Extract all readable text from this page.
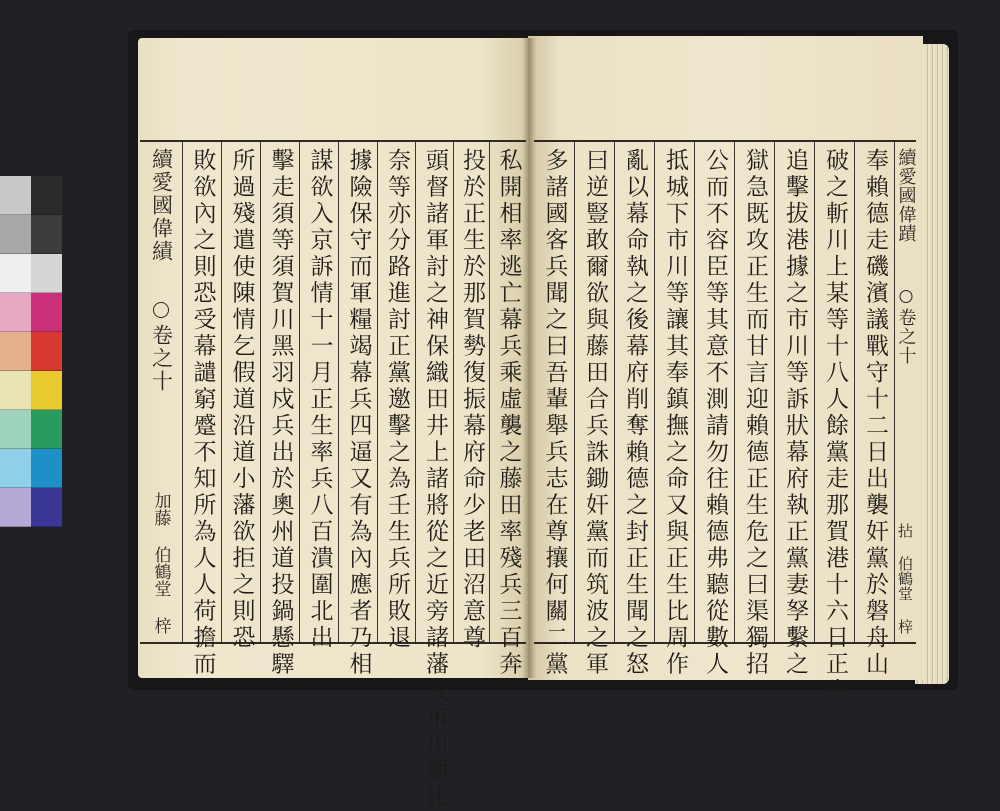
續愛國偉績
卷之十
加藤 伯鶴堂 梓 敗欲內之則恐受幕譴窮蹙不知所為人人荷擔而 所過殘遣使陳情乞假道沿道小藩欲拒之則恐 擊走須等須賀川黑羽戍兵出於奧州道投鍋懸驛 謀欲入京訴情十一月正生率兵八百潰圍北出 據險保守而軍糧竭幕兵四逼又有為內應者乃相 奈等亦分路進討正黨邀擊之為壬生兵所敗退 頭督諸軍討之神保織田井上諸將從之近旁諸藩及市川朝比 投於正生於那賀勢復振幕府命少老田沼意尊 私開相率逃亡幕兵乘虛襲之藤田率殘兵三百奔 多諸國客兵聞之曰吾輩舉兵志在尊攘何關二黨 曰逆豎敢爾欲與藤田合兵誅鋤奸黨而筑波之軍 亂以幕命執之後幕府削奪賴德之封正生聞之怒 抵城下市川等讓其奉鎮撫之命又與正生比周作 公而不容臣等其意不測請勿往賴德弗聽從數人 獄急既攻正生而甘言迎賴德正生危之曰渠獨招 追擊拔港據之市川等訴狀幕府執正黨妻孥繫之 破之斬川上某等十八人餘黨走那賀港十六日正生 奉賴德走磯濱議戰守十二日出襲奸黨於磐舟山 續愛國偉蹟
卷之十
拈 伯鶴堂 梓
